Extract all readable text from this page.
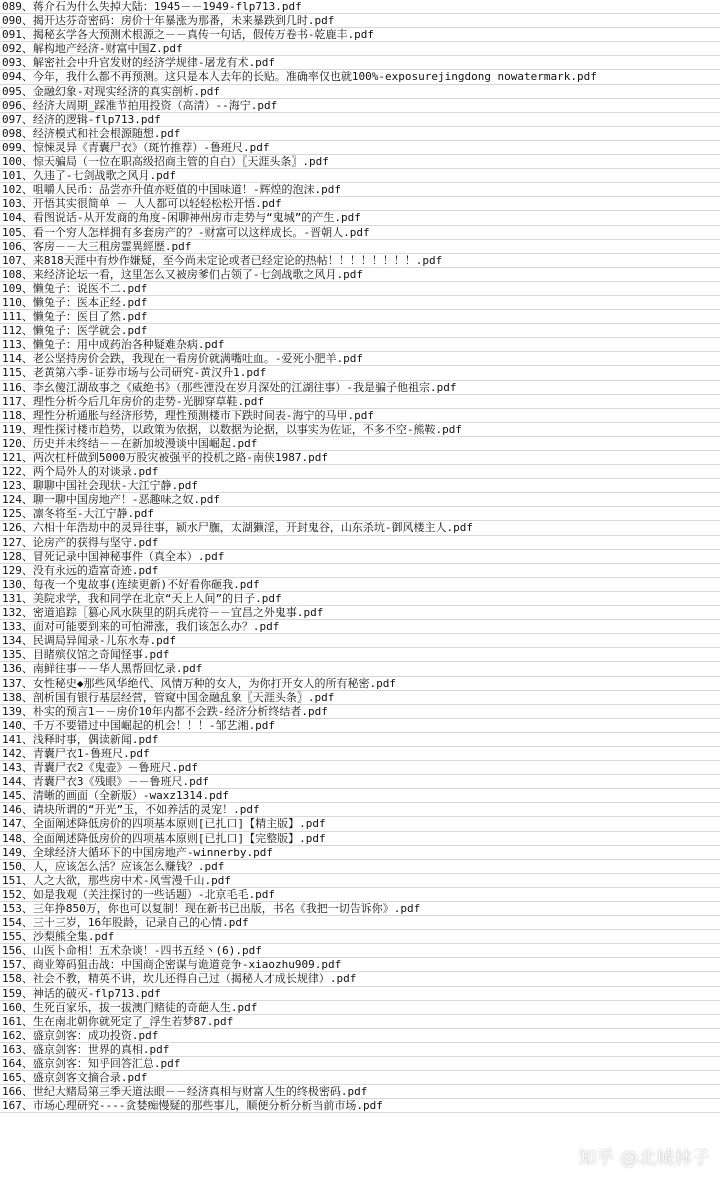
089、蒋介石为什么失掉大陆：1945－－1949-flp713.pdf
090、揭开达芬奇密码：房价十年暴涨为那番，未来暴跌到几时.pdf
091、揭秘玄学各大预测术根源之－－真传一句话，假传万卷书-乾鹿丰.pdf
092、解构地产经济-财富中国Z.pdf
093、解密社会中升官发财的经济学规律-屠龙有术.pdf
094、今年，我什么都不再预测。这只是本人去年的长贴。准确率仅也就100%-exposurejingdong nowatermark.pdf
095、金融幻象-对现实经济的真实剖析.pdf
096、经济大周期_踩准节拍用投资（高清）--海宁.pdf
097、经济的逻辑-flp713.pdf
098、经济模式和社会根源随想.pdf
099、惊悚灵异《青囊尸衣》（斑竹推荐）-鲁班尺.pdf
100、惊天骗局（一位在职高级招商主管的自白）〖天涯头条〗.pdf
101、久违了-七剑战歌之风月.pdf
102、咀嚼人民币：品尝亦升值亦贬值的中国味道！-辉煌的泡沫.pdf
103、开悟其实很简单 － 人人都可以轻轻松松开悟.pdf
104、看图说话-从开发商的角度-闲聊神州房市走势与“鬼城”的产生.pdf
105、看一个穷人怎样拥有多套房产的？-财富可以这样成长。-晋朝人.pdf
106、客房－－大三租房霊異經歴.pdf
107、来818天涯中有炒作嫌疑，至今尚未定论或者已经定论的热帖！！！！！！！！.pdf
108、来经济论坛一看，这里怎么又被房爹们占领了-七剑战歌之风月.pdf
109、懒兔子：说医不二.pdf
110、懒兔子：医本正经.pdf
111、懒兔子：医目了然.pdf
112、懒兔子：医学就会.pdf
113、懒兔子：用中成药治各种疑难杂病.pdf
114、老公坚持房价会跌，我现在一看房价就满嘴吐血。-爱死小肥羊.pdf
115、老黄第六季-证券市场与公司研究-黄汉升1.pdf
116、李幺傻江湖故事之《威绝书》（那些湮没在岁月深处的江湖往事）-我是骗子他祖宗.pdf
117、理性分析今后几年房价的走势-光脚穿草鞋.pdf
118、理性分析通胀与经济形势，理性预测楼市下跌时间表-海宁的马甲.pdf
119、理性探讨楼市趋势，以政策为依据，以数据为论据，以事实为佐证，不多不空-熊鞍.pdf
120、历史并未终结－－在新加坡漫谈中国崛起.pdf
121、两次杠杆做到5000万股灾被强平的投机之路-南侠1987.pdf
122、两个局外人的对谈录.pdf
123、聊聊中国社会现状-大江宁静.pdf
124、聊一聊中国房地产！-恶趣味之奴.pdf
125、凛冬将至-大江宁静.pdf
126、六相十年浩劫中的灵异往事，颍水尸膴，太湖獭淫，开封鬼谷，山东杀坑-御风楼主人.pdf
127、论房产的获得与坚守.pdf
128、冒死记录中国神秘事件（真全本）.pdf
129、没有永远的造富奇迹.pdf
130、每夜一个鬼故事(连续更新)不好看你砸我.pdf
131、美院求学，我和同学在北京“天上人间”的日子.pdf
132、密道追踪［篡心风水陕里的阴兵虎符－－宜昌之外鬼事.pdf
133、面对可能要到来的可怕滞涨，我们该怎么办？.pdf
134、民调局异闻录-儿东水寿.pdf
135、目睹殡仪馆之奇闻怪事.pdf
136、南鲜往事－－华人黑帮回忆录.pdf
137、女性秘史◆那些风华绝代、风情万种的女人，为你打开女人的所有秘密.pdf
138、剖析国有银行基层经营，管窥中国金融乱象〖天涯头条〗.pdf
139、朴实的预言1－－房价10年内都不会跌-经济分析终结者.pdf
140、千万不要错过中国崛起的机会！！！-邹艺湘.pdf
141、浅释时事，偶读新闻.pdf
142、青囊尸衣1-鲁班尺.pdf
143、青囊尸衣2《鬼壶》－鲁班尺.pdf
144、青囊尸衣3《残眼》－－鲁班尺.pdf
145、清晰的画面（全新版）-waxz1314.pdf
146、请块所谓的“开光”玉，不如养活的灵宠！.pdf
147、全面阐述降低房价的四项基本原则[已扎口]【精主版】.pdf
148、全面阐述降低房价的四项基本原则[已扎口]【完整版】.pdf
149、全球经济大循环下的中国房地产-winnerby.pdf
150、人，应该怎么活？应该怎么赚钱？.pdf
151、人之大欲，那些房中术-风雪漫千山.pdf
152、如是我观（关注探讨的一些话题）-北京毛毛.pdf
153、三年挣850万，你也可以复制！现在新书已出版，书名《我把一切告诉你》.pdf
154、三十三岁，16年股龄，记录自己的心情.pdf
155、沙梨熊全集.pdf
156、山医卜命相！五术杂谈！-四书五经丶(6).pdf
157、商业筹码狙击战：中国商企密谋与诡道竞争-xiaozhu909.pdf
158、社会不教，精英不讲，坎儿还得自己过（揭秘人才成长规律）.pdf
159、神话的破灭-flp713.pdf
160、生死百家乐，拔一拔澳门赌徒的奇葩人生.pdf
161、生在南北朝你就死定了_浮生若梦87.pdf
162、盛京剑客：成功投资.pdf
163、盛京剑客：世界的真相.pdf
164、盛京剑客：知乎回答汇总.pdf
165、盛京剑客文摘合录.pdf
166、世纪大赌局第三季天道法眼－－经济真相与财富人生的终极密码.pdf
167、市场心理研究----贪婪痴慢疑的那些事儿，顺便分析分析当前市场.pdf
知乎 @北城林子
